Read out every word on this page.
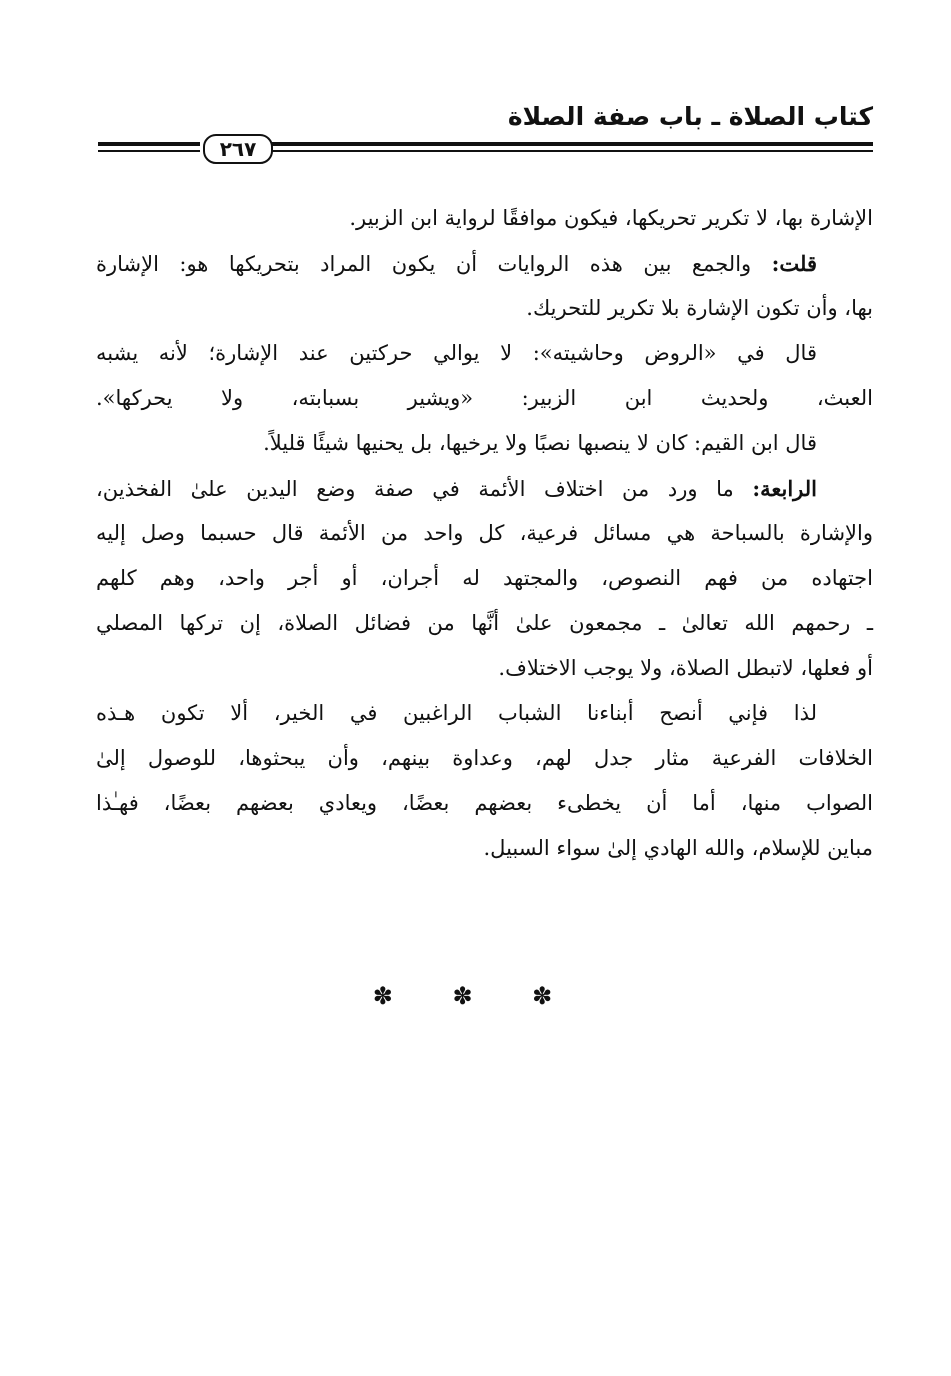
كتاب الصلاة ـ باب صفة الصلاة
٢٦٧
الإشارة بها، لا تكرير تحريكها، فيكون موافقًا لرواية ابن الزبير.
قلت: والجمع بين هذه الروايات أن يكون المراد بتحريكها هو: الإشارة
بها، وأن تكون الإشارة بلا تكرير للتحريك.
قال في «الروض وحاشيته»: لا يوالي حركتين عند الإشارة؛ لأنه يشبه
العبث، ولحديث ابن الزبير: «ويشير بسبابته، ولا يحركها».
قال ابن القيم: كان لا ينصبها نصبًا ولا يرخيها، بل يحنيها شيئًا قليلاً.
الرابعة: ما ورد من اختلاف الأئمة في صفة وضع اليدين علىٰ الفخذين،
والإشارة بالسباحة هي مسائل فرعية، كل واحد من الأئمة قال حسبما وصل إليه
اجتهاده من فهم النصوص، والمجتهد له أجران، أو أجر واحد، وهم كلهم
ـ رحمهم الله تعالىٰ ـ مجمعون علىٰ أنَّها من فضائل الصلاة، إن تركها المصلي
أو فعلها، لاتبطل الصلاة، ولا يوجب الاختلاف.
لذا فإني أنصح أبناءنا الشباب الراغبين في الخير، ألا تكون هـذه
الخلافات الفرعية مثار جدل لهم، وعداوة بينهم، وأن يبحثوها، للوصول إلىٰ
الصواب منها، أما أن يخطىء بعضهم بعضًا، ويعادي بعضهم بعضًا، فهـٰذا
مباين للإسلام، والله الهادي إلىٰ سواء السبيل.
✽ ✽ ✽
